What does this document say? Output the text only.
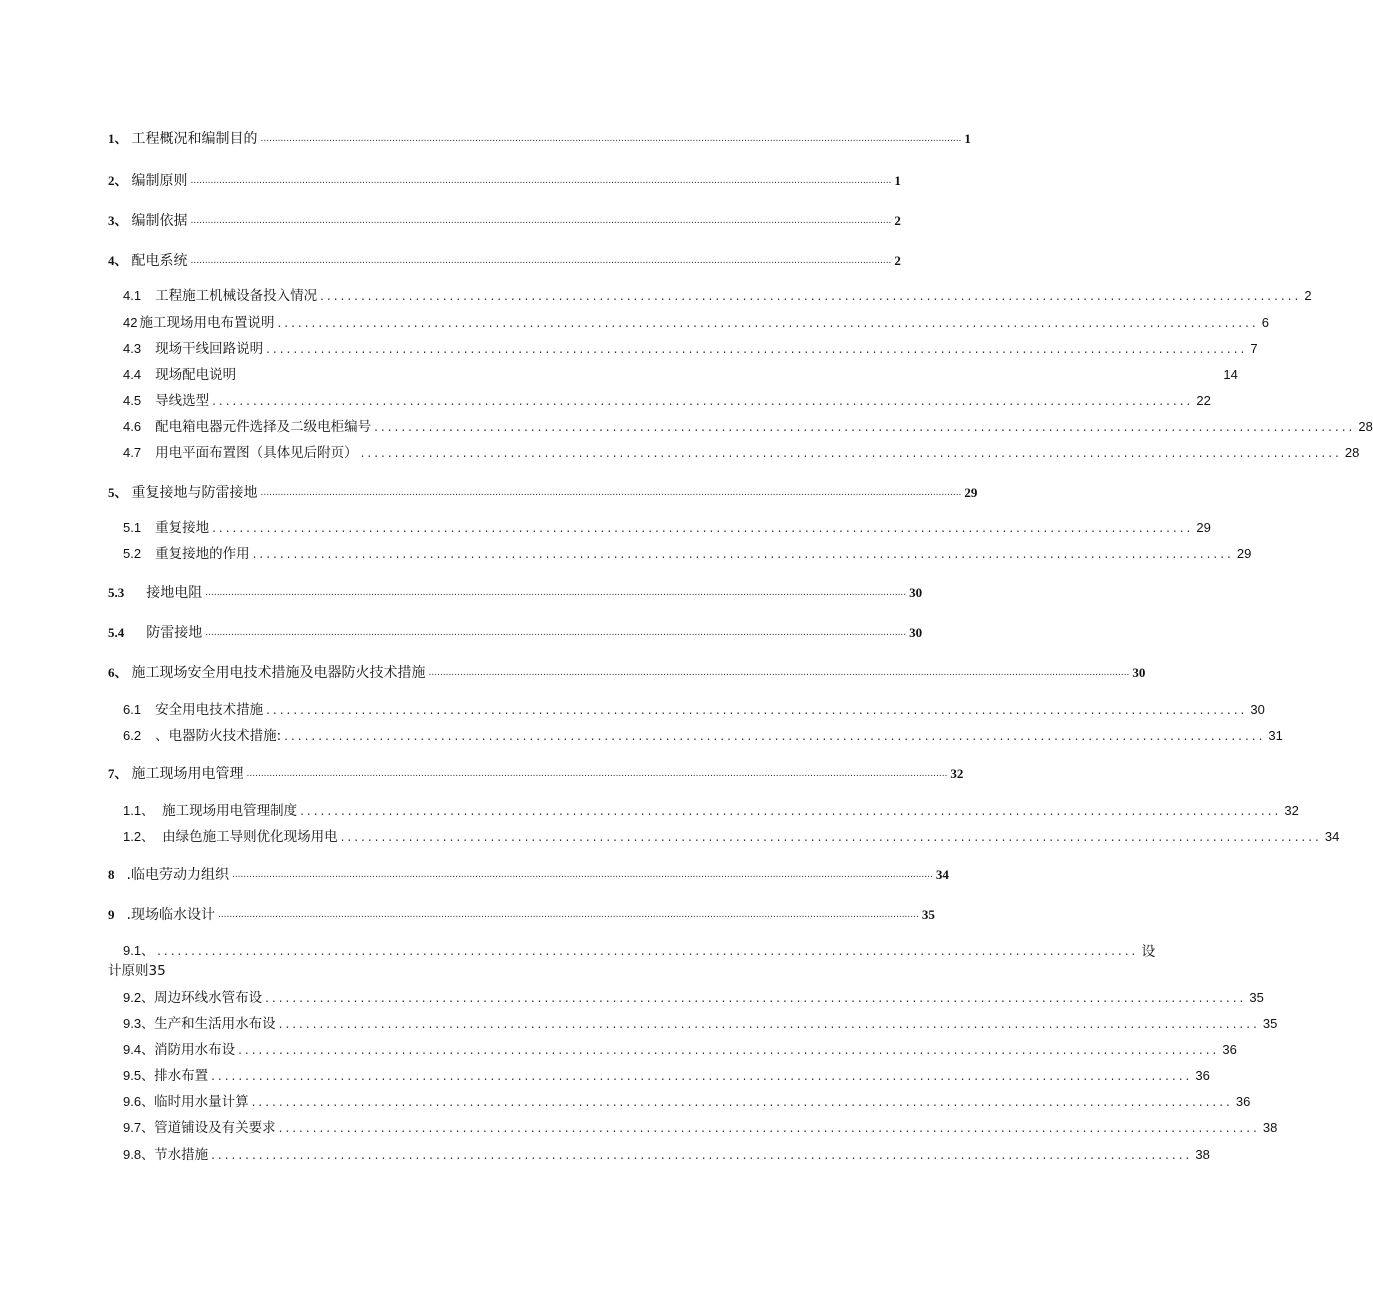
1、 工程概况和编制目的 ..................................................................................................................................................................................................................................................... 1
2、 编制原则 ..................................................................................................................................................................................................................................................... 1
3、 编制依据 ..................................................................................................................................................................................................................................................... 2
4、 配电系统 ..................................................................................................................................................................................................................................................... 2
4.1 工程施工机械设备投入情况 ................................................................................................................................................ 2
42 施工现场用电布置说明 ................................................................................................................................................ 6
4.3 现场干线回路说明 ................................................................................................................................................ 7
4.4 现场配电说明	14
4.5 导线选型 ................................................................................................................................................ 22
4.6 配电箱电器元件选择及二级电柜编号 ................................................................................................................................................ 28
4.7 用电平面布置图（具体见后附页） ................................................................................................................................................ 28
5、 重复接地与防雷接地 ..................................................................................................................................................................................................................................................... 29
5.1 重复接地 ................................................................................................................................................ 29
5.2 重复接地的作用 ................................................................................................................................................ 29
5.3 接地电阻 ..................................................................................................................................................................................................................................................... 30
5.4 防雷接地 ..................................................................................................................................................................................................................................................... 30
6、 施工现场安全用电技术措施及电器防火技术措施 ..................................................................................................................................................................................................................................................... 30
6.1 安全用电技术措施 ................................................................................................................................................ 30
6.2 、电器防火技术措施: ................................................................................................................................................ 31
7、 施工现场用电管理 ..................................................................................................................................................................................................................................................... 32
1.1、 施工现场用电管理制度 ................................................................................................................................................ 32
1.2、 由绿色施工导则优化现场用电 ................................................................................................................................................ 34
8 .临电劳动力组织 ..................................................................................................................................................................................................................................................... 34
9 .现场临水设计 ..................................................................................................................................................................................................................................................... 35
9.1、 ................................................................................................................................................ 设
9.2、周边环线水管布设 ................................................................................................................................................ 35
9.3、生产和生活用水布设 ................................................................................................................................................ 35
9.4、消防用水布设 ................................................................................................................................................ 36
9.5、排水布置 ................................................................................................................................................ 36
9.6、临时用水量计算 ................................................................................................................................................ 36
9.7、管道铺设及有关要求 ................................................................................................................................................ 38
9.8、节水措施 ................................................................................................................................................ 38
计原则35
